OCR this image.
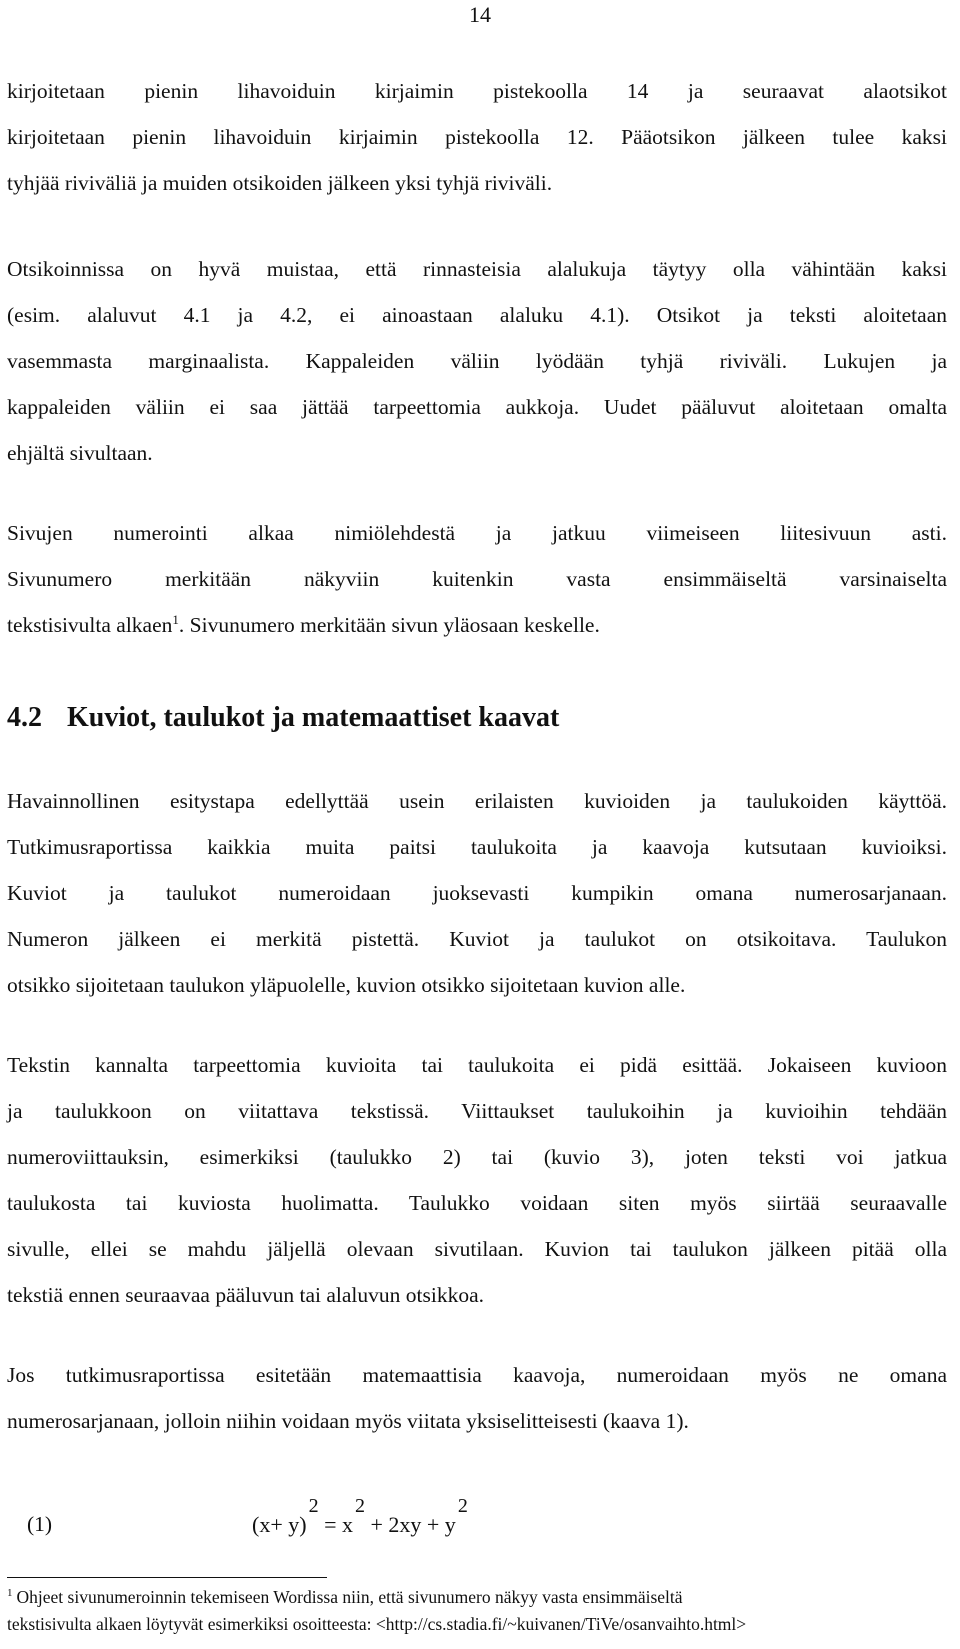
14
kirjoitetaan pienin lihavoiduin kirjaimin pistekoolla 14 ja seuraavat alaotsikot
kirjoitetaan pienin lihavoiduin kirjaimin pistekoolla 12. Pääotsikon jälkeen tulee kaksi
tyhjää riviväliä ja muiden otsikoiden jälkeen yksi tyhjä riviväli.
Otsikoinnissa on hyvä muistaa, että rinnasteisia alalukuja täytyy olla vähintään kaksi
(esim. alaluvut 4.1 ja 4.2, ei ainoastaan alaluku 4.1). Otsikot ja teksti aloitetaan
vasemmasta marginaalista. Kappaleiden väliin lyödään tyhjä riviväli. Lukujen ja
kappaleiden väliin ei saa jättää tarpeettomia aukkoja. Uudet pääluvut aloitetaan omalta
ehjältä sivultaan.
Sivujen numerointi alkaa nimiölehdestä ja jatkuu viimeiseen liitesivuun asti.
Sivunumero merkitään näkyviin kuitenkin vasta ensimmäiseltä varsinaiselta
tekstisivulta alkaen$^1$. Sivunumero merkitään sivun yläosaan keskelle.
4.2 Kuviot, taulukot ja matemaattiset kaavat
Havainnollinen esitystapa edellyttää usein erilaisten kuvioiden ja taulukoiden käyttöä.
Tutkimusraportissa kaikkia muita paitsi taulukoita ja kaavoja kutsutaan kuvioiksi.
Kuviot ja taulukot numeroidaan juoksevasti kumpikin omana numerosarjanaan.
Numeron jälkeen ei merkitä pistettä. Kuviot ja taulukot on otsikoitava. Taulukon
otsikko sijoitetaan taulukon yläpuolelle, kuvion otsikko sijoitetaan kuvion alle.
Tekstin kannalta tarpeettomia kuvioita tai taulukoita ei pidä esittää. Jokaiseen kuvioon
ja taulukkoon on viitattava tekstissä. Viittaukset taulukoihin ja kuvioihin tehdään
numeroviittauksin, esimerkiksi (taulukko 2) tai (kuvio 3), joten teksti voi jatkua
taulukosta tai kuviosta huolimatta. Taulukko voidaan siten myös siirtää seuraavalle
sivulle, ellei se mahdu jäljellä olevaan sivutilaan. Kuvion tai taulukon jälkeen pitää olla
tekstiä ennen seuraavaa pääluvun tai alaluvun otsikkoa.
Jos tutkimusraportissa esitetään matemaattisia kaavoja, numeroidaan myös ne omana
numerosarjanaan, jolloin niihin voidaan myös viitata yksiselitteisesti (kaava 1).
(1)	(x+ y)2 = x2 + 2xy + y2
$^1$ Ohjeet sivunumeroinnin tekemiseen Wordissa niin, että sivunumero näkyy vasta ensimmäiseltä
tekstisivulta alkaen löytyvät esimerkiksi osoitteesta: <http://cs.stadia.fi/~kuivanen/TiVe/osanvaihto.html>
